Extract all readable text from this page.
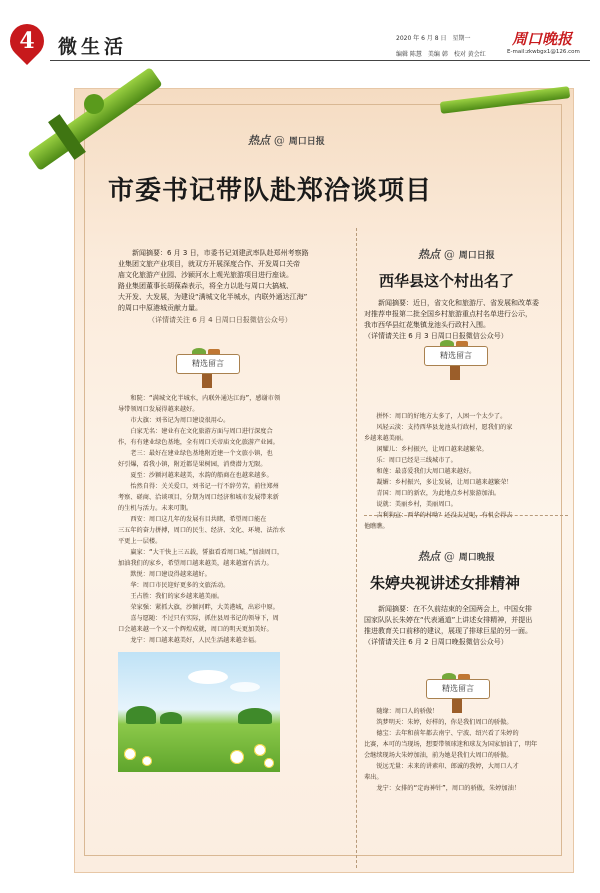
4	微生活	2020 年 6 月 8 日　星期一
编辑 陈慧　美编 韩　校对 黄会红
周口晚报
E-mail:zkwbgx1@126.com
热点 @ 周口日报
市委书记带队赴郑洽谈项目
　　新闻摘要：6 月 3 日，市委书记刘建武率队赴郑州考察路
业集团文旅产业项目，就双方开展深度合作、开发周口关帝
庙文化旅游产业园、沙颍河水上观光旅游项目进行座谈。
路业集团董事长胡葆森表示，将全力以赴与周口大搞城、
大开发、大发展，为建设“满城文化半城水，内联外通达江海”
的周口中原港城贡献力量。
（详情请关注 6 月 4 日周口日报微信公众号）
精选留言
　　和院：“满城文化半城水，内联外通达江海”，感谢市领
导带领周口发展得越来越好。
　　市大旗：刘书记为周口建设很用心。
　　白家无名：建业有在文化旅游方面与周口进行深度合
作，有有建业绿色基地，全有周口关帝庙文化旅游产业园。
　　老三：最好在建业绿色基地附近建一个文旅小镇，也
好引爆，看我小镇，附近都是果树园，消费潜力无限。
　　夏至：沙颍河越来越美，水韵的船商在也越来越多。
　　怡然自得：关关爱口，刘书记一行不辞劳苦，前往郑州
考察、磋商、洽谈项目，分期为周口经济和城市发展带来新
的生机与活力。未来可期。
　　西安：周口这几年的发展有目共睹，希望周口能在
三五年的奋力拼搏，周口的民生、经济、文化、环境、法治水
平更上一层楼。
　　赢家：“大干快上三五载，誓旗看看周口城。”加油周口，
加油我们的家乡，希望周口越来越美，越来越富有活力。
　　默悦：周口建设得越来越好。
　　华：周口市民迎好更多的文旅活动。
　　王占胜：我们的家乡越来越美丽。
　　荣家强：紧抓大旗，沙颍河畔，大美港城，出彩中原。
　　喜与愿随：不过只有实际，抓住县周书记的领导下，周
口会越来越一个又一个辉煌成就，周口的明天更加美好。
　　龙宁：周口越来越美好，人民生活越来越幸福。
热点 @ 周口日报
西华县这个村出名了
　　新闻摘要：近日，省文化和旅游厅、省发展和改革委
对推荐申报第二批全国乡村旅游重点村名单进行公示，
我市西华县红花集镇龙池头行政村入围。
（详情请关注 6 月 3 日周口日报微信公众号）
精选留言
　　拼怀：周口的好地方太多了，人困一个太少了。
　　风轻云淡：支持西华县龙池头行政村，愿我们的家
乡越来越美丽。
　　闲耀儿：乡村振兴，让周口越来越繁荣。
　　乐：周口已经是三线城市了。
　　和莲：最喜爱我们大周口越来越好。
　　凝媚：乡村振兴，多让发展，让周口越来越繁荣！
　　青国：周口的新农，为此地点乡村旅游加油。
　　说就：美丽乡村，美丽周口。
　　吉利狗宣：西华的村呦？还没去过呢，有机会得去
他瞧瞧。
热点 @ 周口晚报
朱婷央视讲述女排精神
　　新闻摘要：在不久前结束的全国两会上，中国女排
国家队队长朱婷在“代表通道”上讲述女排精神，并提出
推进教育关口前移的建议，展现了排球巨星的另一面。
（详情请关注 6 月 2 日周口晚报微信公众号）
精选留言
　　随缘：周口人的骄傲！
　　筑梦明天：朱婷，好样的，你是我们周口的骄傲。
　　德宝：去年和前年都去南宁、宁波、绍兴看了朱婷的
比赛，本可的当现场，想要带领球迷和球友为国家加油了，明年
会继续现场大朱婷加油，前为她是我们大周口的骄傲。
　　锐远无量：未来的讲素印、郎诚的我婷，大周口人才
辈出。
　　龙宁：女排的“定海神针”，周口的骄傲，朱婷加油！
